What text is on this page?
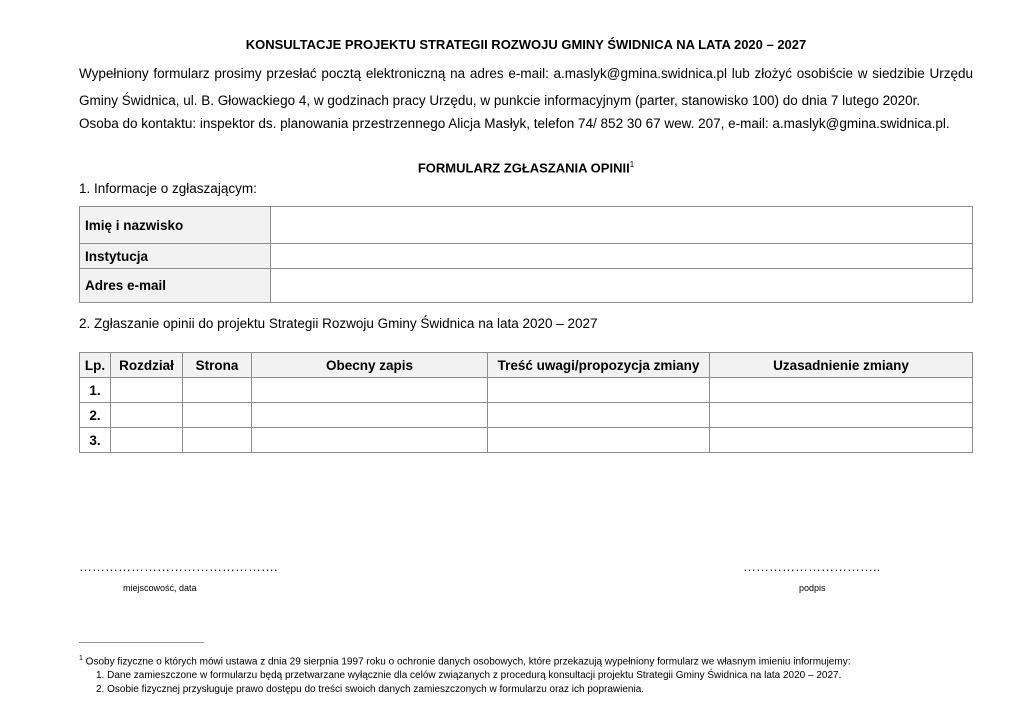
KONSULTACJE PROJEKTU STRATEGII ROZWOJU GMINY ŚWIDNICA NA LATA 2020 – 2027

Wypełniony formularz prosimy przesłać pocztą elektroniczną na adres e-mail: a.maslyk@gmina.swidnica.pl lub złożyć osobiście w siedzibie Urzędu Gminy Świdnica, ul. B. Głowackiego 4, w godzinach pracy Urzędu, w punkcie informacyjnym (parter, stanowisko 100) do dnia 7 lutego 2020r.

Osoba do kontaktu: inspektor ds. planowania przestrzennego Alicja Masłyk, telefon 74/ 852 30 67 wew. 207, e-mail: a.maslyk@gmina.swidnica.pl.

FORMULARZ ZGŁASZANIA OPINII$^1$
1. Informacje o zgłaszającym:
Imię i nazwisko	
Instytucja	
Adres e-mail	
2. Zgłaszanie opinii do projektu Strategii Rozwoju Gminy Świdnica na lata 2020 – 2027
Lp.	Rozdział	Strona	Obecny zapis	Treść uwagi/propozycja zmiany	Uzasadnienie zmiany
1.					
2.					
3.					
……………………………………….
miejscowość, data
…………………………..
podpis
$^1$ Osoby fizyczne o których mówi ustawa z dnia 29 sierpnia 1997 roku o ochronie danych osobowych, które przekazują wypełniony formularz we własnym imieniu informujemy:
1. Dane zamieszczone w formularzu będą przetwarzane wyłącznie dla celów związanych z procedurą konsultacji projektu Strategii Gminy Świdnica na lata 2020 – 2027.
2. Osobie fizycznej przysługuje prawo dostępu do treści swoich danych zamieszczonych w formularzu oraz ich poprawienia.
